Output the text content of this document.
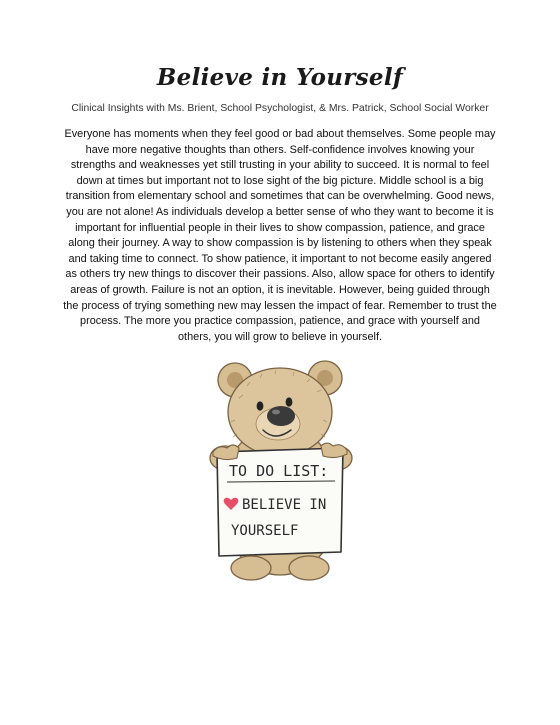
Believe in Yourself

Clinical Insights with Ms. Brient, School Psychologist, & Mrs. Patrick, School Social Worker

Everyone has moments when they feel good or bad about themselves. Some people may have more negative thoughts than others. Self-confidence involves knowing your strengths and weaknesses yet still trusting in your ability to succeed. It is normal to feel down at times but important not to lose sight of the big picture. Middle school is a big transition from elementary school and sometimes that can be overwhelming. Good news, you are not alone! As individuals develop a better sense of who they want to become it is important for influential people in their lives to show compassion, patience, and grace along their journey. A way to show compassion is by listening to others when they speak and taking time to connect. To show patience, it important to not become easily angered as others try new things to discover their passions. Also, allow space for others to identify areas of growth. Failure is not an option, it is inevitable. However, being guided through the process of trying something new may lessen the impact of fear. Remember to trust the process. The more you practice compassion, patience, and grace with yourself and others, you will grow to believe in yourself.

TO DO LIST:
BELIEVE IN
YOURSELF
